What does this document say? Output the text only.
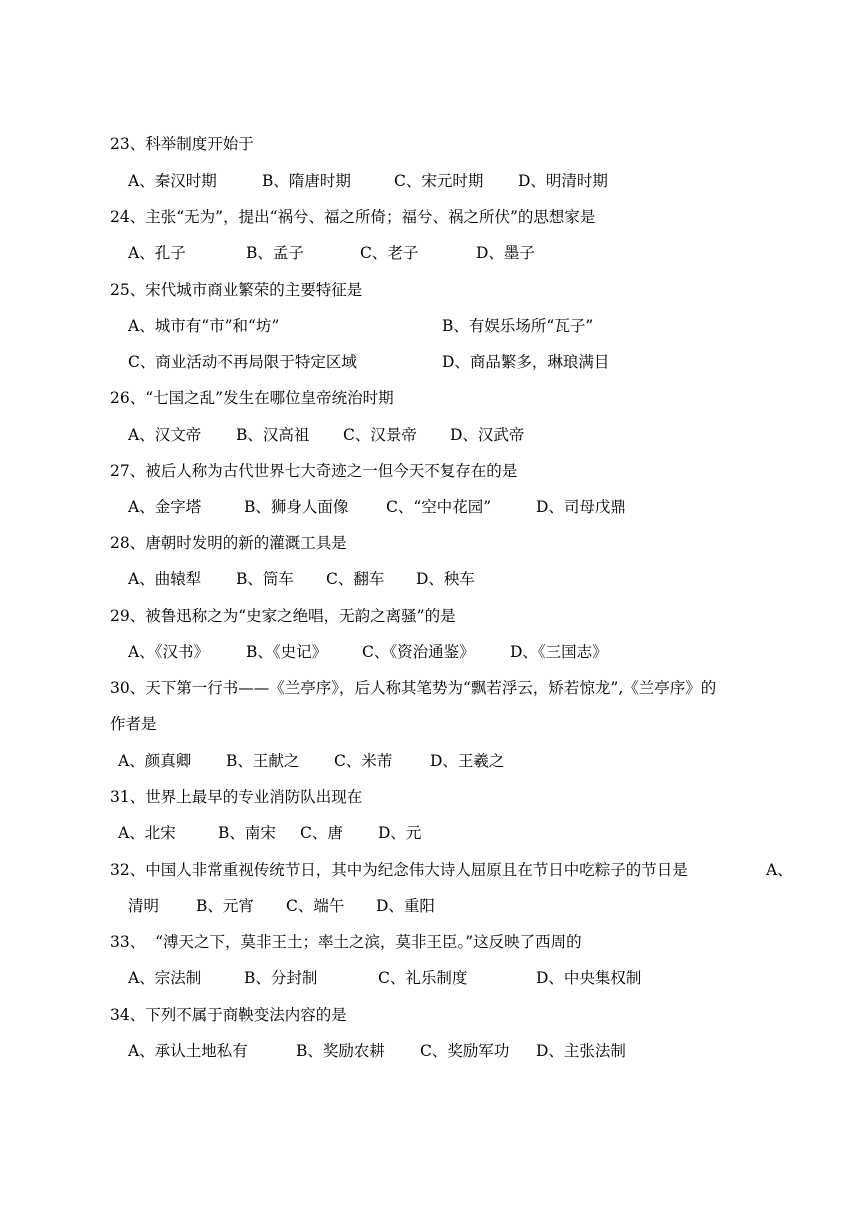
23、科举制度开始于
A、秦汉时期	B、隋唐时期	C、宋元时期 D、明清时期
24、主张“无为”，提出“祸兮、福之所倚；福兮、祸之所伏”的思想家是
A、孔子	B、孟子	C、老子	D、墨子
25、宋代城市商业繁荣的主要特征是
A、城市有“市”和“坊”	B、有娱乐场所“瓦子”
C、商业活动不再局限于特定区域	D、商品繁多，琳琅满目
26、“七国之乱”发生在哪位皇帝统治时期
A、汉文帝 B、汉高祖 C、汉景帝 D、汉武帝
27、被后人称为古代世界七大奇迹之一但今天不复存在的是
A、金字塔	B、狮身人面像 C、“空中花园”	D、司母戊鼎
28、唐朝时发明的新的灌溉工具是
A、曲辕犁 B、筒车 C、翻车 D、秧车
29、被鲁迅称之为“史家之绝唱，无韵之离骚”的是
A、《汉书》 B、《史记》 C、《资治通鉴》 D、《三国志》
30、天下第一行书——《兰亭序》，后人称其笔势为“飘若浮云，矫若惊龙”,《兰亭序》的
作者是
A、颜真卿 B、王献之 C、米芾 D、王羲之
31、世界上最早的专业消防队出现在
A、北宋	B、南宋 C、唐 D、元
32、中国人非常重视传统节日，其中为纪念伟大诗人屈原且在节日中吃粽子的节日是	A、
清明 B、元宵 C、端午 D、重阳
33、  “溥天之下，莫非王土；率土之滨，莫非王臣。”这反映了西周的
A、宗法制	B、分封制	C、礼乐制度	D、中央集权制
34、下列不属于商鞅变法内容的是
A、承认土地私有	B、奖励农耕 C、奖励军功 D、主张法制
